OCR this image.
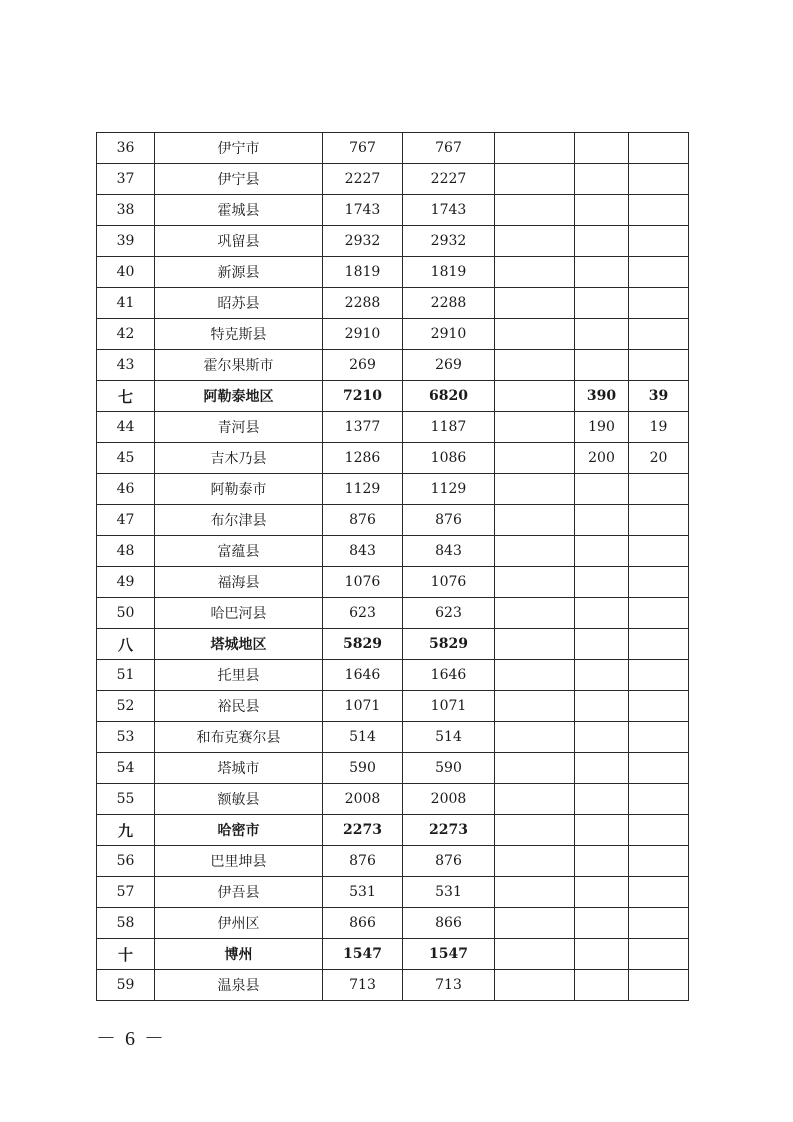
36	伊宁市	767	767			
37	伊宁县	2227	2227			
38	霍城县	1743	1743			
39	巩留县	2932	2932			
40	新源县	1819	1819			
41	昭苏县	2288	2288			
42	特克斯县	2910	2910			
43	霍尔果斯市	269	269			
七	阿勒泰地区	7210	6820		390	39
44	青河县	1377	1187		190	19
45	吉木乃县	1286	1086		200	20
46	阿勒泰市	1129	1129			
47	布尔津县	876	876			
48	富蕴县	843	843			
49	福海县	1076	1076			
50	哈巴河县	623	623			
八	塔城地区	5829	5829			
51	托里县	1646	1646			
52	裕民县	1071	1071			
53	和布克赛尔县	514	514			
54	塔城市	590	590			
55	额敏县	2008	2008			
九	哈密市	2273	2273			
56	巴里坤县	876	876			
57	伊吾县	531	531			
58	伊州区	866	866			
十	博州	1547	1547			
59	温泉县	713	713			
－ 6 －
